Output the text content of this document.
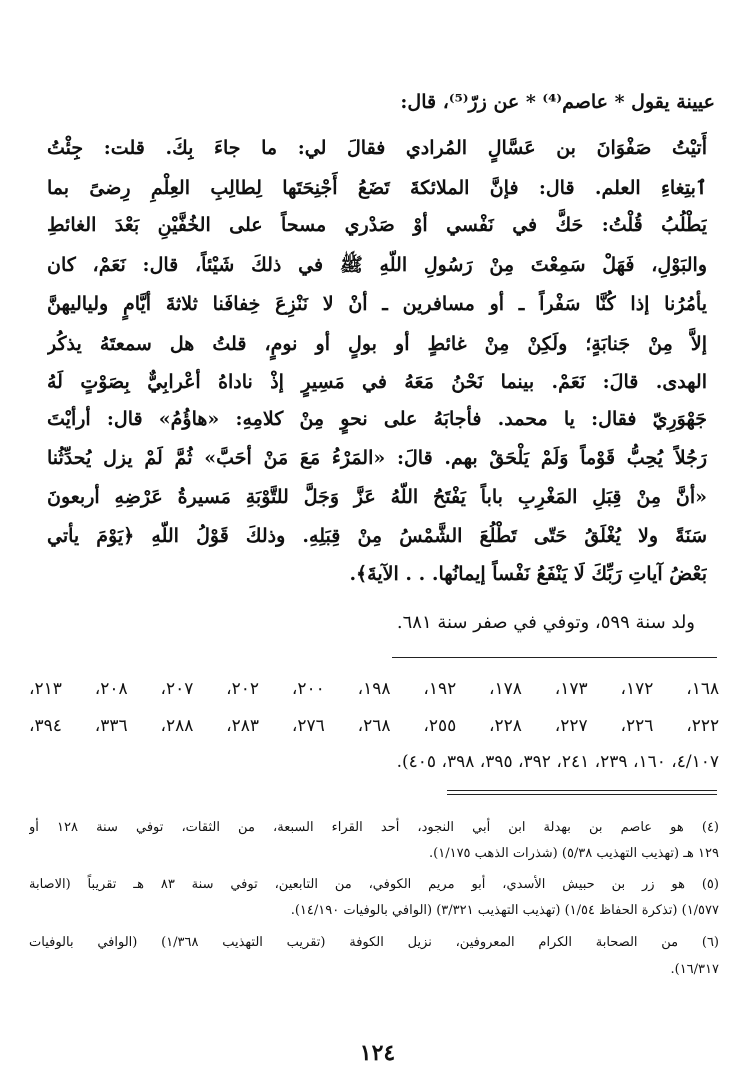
عيينة يقول * عاصم⁽⁴⁾ * عن زرّ⁽⁵⁾، قال:

أَتيْتُ صَفْوَانَ بن عَسَّالٍ المُرادي فقالَ لي: ما جاءَ بِكَ. قلت: جِئْتُ

ٱبتِغاءِ العلم. قال: فإنَّ الملائكةَ تَضَعُ أَجْنِحَتَها لِطالِبِ العِلْمِ رِضىً بما

يَطْلُبُ قُلْتُ: حَكَّ في نَفْسي أوْ صَدْري مسحاً على الخُفَّيْنِ بَعْدَ الغائطِ

والبَوْلِ، فَهَلْ سَمِعْتَ مِنْ رَسُولِ اللّهِ ﷺ في ذلكَ شَيْئاً، قال: نَعَمْ، كان

يأمُرُنا إذا كُنَّا سَفْراً ـ أو مسافرين ـ أنْ لا نَنْزِعَ خِفافَنا ثلاثةَ أيَّامٍ ولياليهنَّ

إلاَّ مِنْ جَنابَةٍ؛ ولَكِنْ مِنْ غائطٍ أو بولٍ أو نومٍ، قلتُ هل سمعتَهُ يذكُر

الهدى. قالَ: نَعَمْ. بينما نَحْنُ مَعَهُ في مَسِيرٍ إذْ ناداهُ أعْرابِيٌّ بِصَوْتٍ لَهُ

جَهْوَرِيّ فقال: يا محمد. فأجابَهُ على نحوٍ مِنْ كلامِهِ: «هاؤُمُ» قال: أرأيْتَ

رَجُلاً يُحِبُّ قَوْماً وَلَمْ يَلْحَقْ بهم. قالَ: «المَرْءُ مَعَ مَنْ أحَبَّ» ثُمَّ لَمْ يزل يُحدِّثُنا

«أنَّ مِنْ قِبَلِ المَغْرِبِ باباً يَفْتَحُ اللّهُ عَزَّ وَجَلَّ للتَّوْبَةِ مَسيرةُ عَرْضِهِ أربعونَ

سَنَةً ولا يُغْلَقُ حَتّى تَطْلُعَ الشَّمْسُ مِنْ قِبَلِهِ. وذلكَ قَوْلُ اللّهِ ﴿يَوْمَ يأتي

بَعْضُ آياتِ رَبِّكَ لَا يَنْفَعُ نَفْساً إيمانُها. . . الآيةَ﴾.

ولد سنة ٥٩٩، وتوفي في صفر سنة ٦٨١.
١٦٨، ١٧٢، ١٧٣، ١٧٨، ١٩٢، ١٩٨، ٢٠٠، ٢٠٢، ٢٠٧، ٢٠٨، ٢١٣،
٢٢٢، ٢٢٦، ٢٢٧، ٢٢٨، ٢٥٥، ٢٦٨، ٢٧٦، ٢٨٣، ٢٨٨، ٣٣٦، ٣٩٤،
٤/١٠٧، ١٦٠، ٢٣٩، ٢٤١، ٣٩٢، ٣٩٥، ٣٩٨، ٤٠٥).
(٤) هو عاصم بن بهدلة ابن أبي النجود، أحد القراء السبعة، من الثقات، توفي سنة ١٢٨ أو
١٢٩ هـ (تهذيب التهذيب ٥/٣٨) (شذرات الذهب ١/١٧٥).
(٥) هو زر بن حبيش الأسدي، أبو مريم الكوفي، من التابعين، توفي سنة ٨٣ هـ تقريباً (الاصابة
١/٥٧٧) (تذكرة الحفاظ ١/٥٤) (تهذيب التهذيب ٣/٣٢١) (الوافي بالوفيات ١٤/١٩٠).
(٦) من الصحابة الكرام المعروفين، نزيل الكوفة (تقريب التهذيب ١/٣٦٨) (الوافي بالوفيات
١٦/٣١٧).
١٢٤
